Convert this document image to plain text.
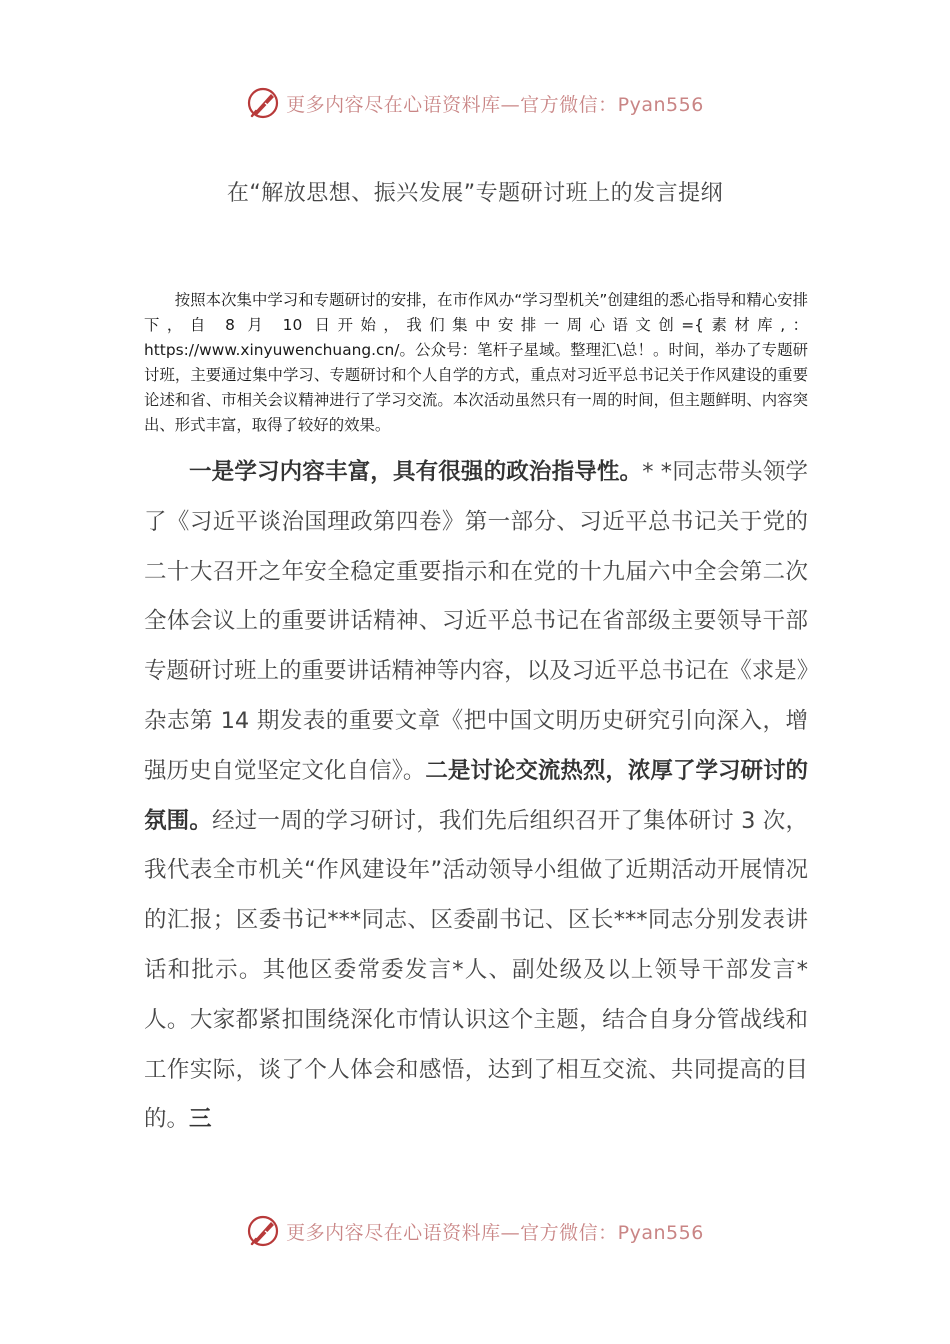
更多内容尽在心语资料库—官方微信：Pyan556
在“解放思想、振兴发展”专题研讨班上的发言提纲

按照本次集中学习和专题研讨的安排，在市作风办“学习型机关”创建组的悉心指导和精心安排下，自 8 月 10 日开始，我们集中安排一周心语文创={素材库,：https://www.xinyuwenchuang.cn/。公众号：笔杆子星域。整理汇\总！。时间，举办了专题研讨班，主要通过集中学习、专题研讨和个人自学的方式，重点对习近平总书记关于作风建设的重要论述和省、市相关会议精神进行了学习交流。本次活动虽然只有一周的时间，但主题鲜明、内容突出、形式丰富，取得了较好的效果。

一是学习内容丰富，具有很强的政治指导性。* *同志带头领学了《习近平谈治国理政第四卷》第一部分、习近平总书记关于党的二十大召开之年安全稳定重要指示和在党的十九届六中全会第二次全体会议上的重要讲话精神、习近平总书记在省部级主要领导干部专题研讨班上的重要讲话精神等内容，以及习近平总书记在《求是》杂志第 14 期发表的重要文章《把中国文明历史研究引向深入，增强历史自觉坚定文化自信》。二是讨论交流热烈，浓厚了学习研讨的氛围。经过一周的学习研讨，我们先后组织召开了集体研讨 3 次，我代表全市机关“作风建设年”活动领导小组做了近期活动开展情况的汇报；区委书记***同志、区委副书记、区长***同志分别发表讲话和批示。其他区委常委发言*人、副处级及以上领导干部发言*人。大家都紧扣围绕深化市情认识这个主题，结合自身分管战线和工作实际，谈了个人体会和感悟，达到了相互交流、共同提高的目的。三

更多内容尽在心语资料库—官方微信：Pyan556
